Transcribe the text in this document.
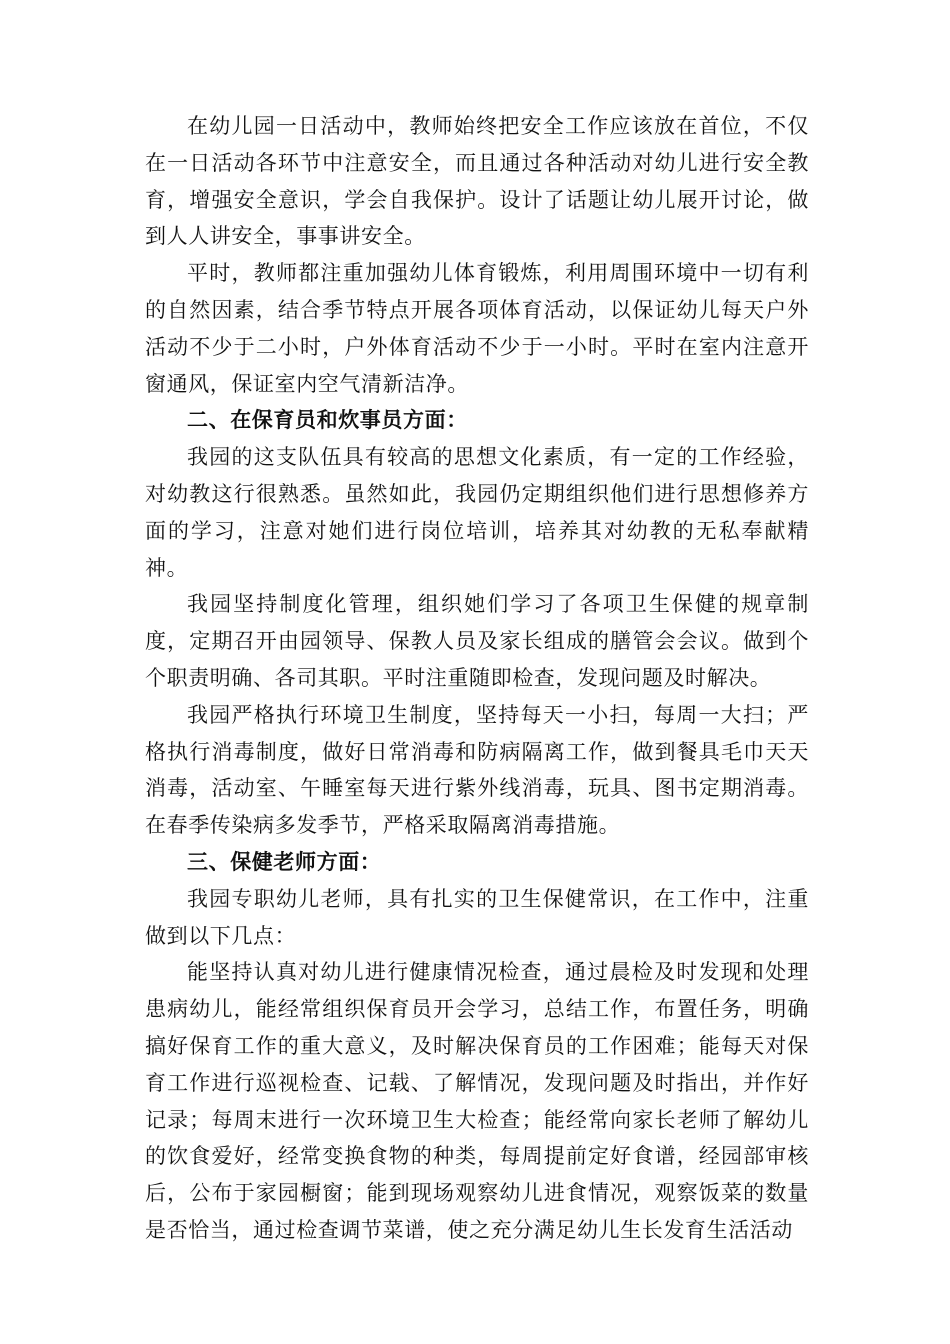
在幼儿园一日活动中，教师始终把安全工作应该放在首位，不仅在一日活动各环节中注意安全，而且通过各种活动对幼儿进行安全教育，增强安全意识，学会自我保护。设计了话题让幼儿展开讨论，做到人人讲安全，事事讲安全。

平时，教师都注重加强幼儿体育锻炼，利用周围环境中一切有利的自然因素，结合季节特点开展各项体育活动，以保证幼儿每天户外活动不少于二小时，户外体育活动不少于一小时。平时在室内注意开窗通风，保证室内空气清新洁净。

二、在保育员和炊事员方面：

我园的这支队伍具有较高的思想文化素质，有一定的工作经验，对幼教这行很熟悉。虽然如此，我园仍定期组织他们进行思想修养方面的学习，注意对她们进行岗位培训，培养其对幼教的无私奉献精神。

我园坚持制度化管理，组织她们学习了各项卫生保健的规章制度，定期召开由园领导、保教人员及家长组成的膳管会会议。做到个个职责明确、各司其职。平时注重随即检查，发现问题及时解决。

我园严格执行环境卫生制度，坚持每天一小扫，每周一大扫；严格执行消毒制度，做好日常消毒和防病隔离工作，做到餐具毛巾天天消毒，活动室、午睡室每天进行紫外线消毒，玩具、图书定期消毒。在春季传染病多发季节，严格采取隔离消毒措施。

三、保健老师方面：

我园专职幼儿老师，具有扎实的卫生保健常识，在工作中，注重做到以下几点：

能坚持认真对幼儿进行健康情况检查，通过晨检及时发现和处理患病幼儿，能经常组织保育员开会学习，总结工作，布置任务，明确搞好保育工作的重大意义，及时解决保育员的工作困难；能每天对保育工作进行巡视检查、记载、了解情况，发现问题及时指出，并作好记录；每周末进行一次环境卫生大检查；能经常向家长老师了解幼儿的饮食爱好，经常变换食物的种类，每周提前定好食谱，经园部审核后，公布于家园橱窗；能到现场观察幼儿进食情况，观察饭菜的数量是否恰当，通过检查调节菜谱，使之充分满足幼儿生长发育生活活动
